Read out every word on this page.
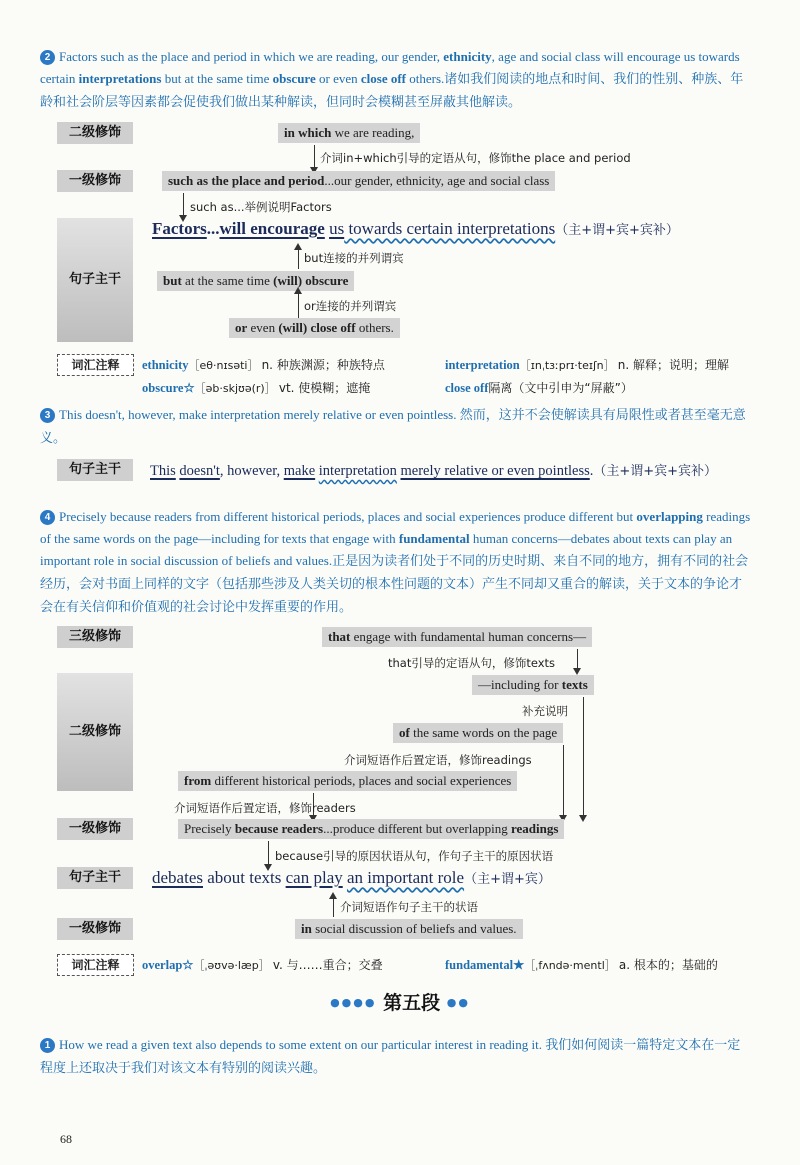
2 Factors such as the place and period in which we are reading, our gender, ethnicity, age and social class will encourage us towards certain interpretations but at the same time obscure or even close off others.诸如我们阅读的地点和时间、我们的性别、种族、年龄和社会阶层等因素都会促使我们做出某种解读，但同时会模糊甚至屏蔽其他解读。
二级修饰
一级修饰
句子主干
in which we are reading,
介词in+which引导的定语从句，修饰the place and period
such as the place and period...our gender, ethnicity, age and social class
such as...举例说明Factors
Factors...will encourage us towards certain interpretations（主+谓+宾+宾补）
but连接的并列谓宾
but at the same time (will) obscure
or连接的并列谓宾
or even (will) close off others.
词汇注释	ethnicity［eθ·nɪsəti］ n. 种族渊源；种族特点	interpretation［ɪnˌtɜːprɪ·teɪʃn］ n. 解释；说明；理解
obscure☆［əb·skjʊə(r)］ vt. 使模糊；遮掩	close off隔离（文中引申为“屏蔽”）
3 This doesn't, however, make interpretation merely relative or even pointless. 然而，这并不会使解读具有局限性或者甚至毫无意义。
句子主干	This doesn't, however, make interpretation merely relative or even pointless.（主+谓+宾+宾补）
4 Precisely because readers from different historical periods, places and social experiences produce different but overlapping readings of the same words on the page—including for texts that engage with fundamental human concerns—debates about texts can play an important role in social discussion of beliefs and values.正是因为读者们处于不同的历史时期、来自不同的地方，拥有不同的社会经历，会对书面上同样的文字（包括那些涉及人类关切的根本性问题的文本）产生不同却又重合的解读，关于文本的争论才会在有关信仰和价值观的社会讨论中发挥重要的作用。
三级修饰
二级修饰
一级修饰
句子主干
一级修饰
that engage with fundamental human concerns—
that引导的定语从句，修饰texts
—including for texts
补充说明
of the same words on the page
介词短语作后置定语，修饰readings
from different historical periods, places and social experiences
介词短语作后置定语，修饰readers
Precisely because readers...produce different but overlapping readings
because引导的原因状语从句，作句子主干的原因状语
debates about texts can play an important role（主+谓+宾）
介词短语作句子主干的状语
in social discussion of beliefs and values.
词汇注释	overlap☆［ˌəʊvə·læp］ v. 与……重合；交叠	fundamental★［ˌfʌndə·mentl］ a. 根本的；基础的
●●●● 第五段 ●●
1 How we read a given text also depends to some extent on our particular interest in reading it. 我们如何阅读一篇特定文本在一定程度上还取决于我们对该文本有特别的阅读兴趣。
68
